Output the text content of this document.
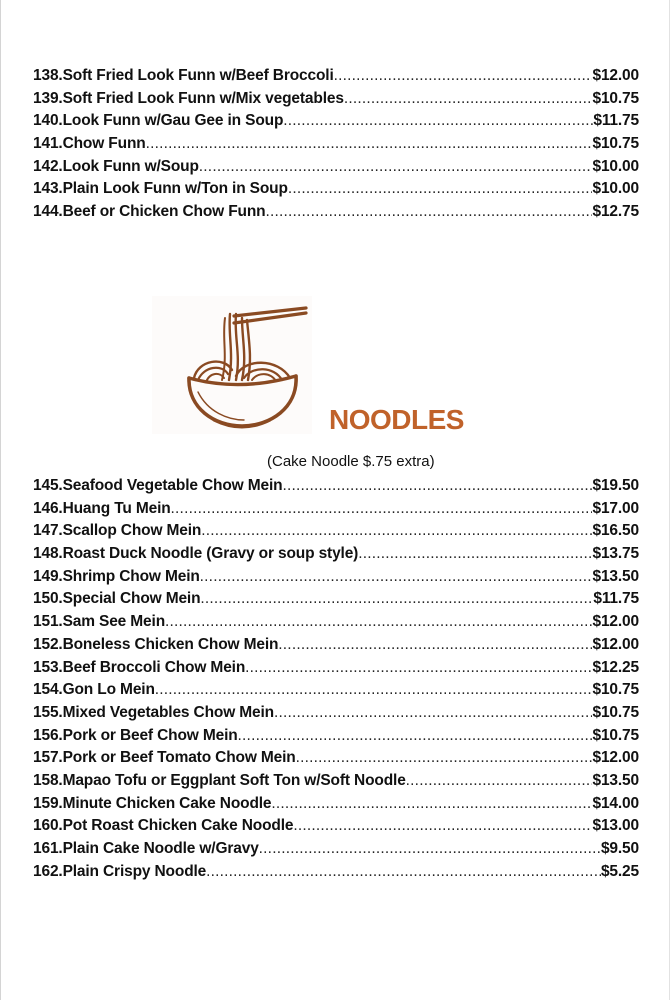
138.Soft Fried Look Funn w/Beef Broccoli .....	$12.00
139.Soft Fried Look Funn w/Mix vegetables .....	$10.75
140.Look Funn w/Gau Gee in Soup .....	$11.75
141.Chow Funn .....	$10.75
142.Look Funn w/Soup .....	$10.00
143.Plain Look Funn w/Ton in Soup .....	$10.00
144.Beef or Chicken Chow Funn .....	$12.75
NOODLES
(Cake Noodle $.75 extra)
145.Seafood Vegetable Chow Mein .....	$19.50
146.Huang Tu Mein .....	$17.00
147.Scallop Chow Mein .....	$16.50
148.Roast Duck Noodle (Gravy or soup style) .....	$13.75
149.Shrimp Chow Mein .....	$13.50
150.Special Chow Mein .....	$11.75
151.Sam See Mein .....	$12.00
152.Boneless Chicken Chow Mein .....	$12.00
153.Beef Broccoli Chow Mein .....	$12.25
154.Gon Lo Mein .....	$10.75
155.Mixed Vegetables Chow Mein .....	$10.75
156.Pork or Beef Chow Mein .....	$10.75
157.Pork or Beef Tomato Chow Mein .....	$12.00
158.Mapao Tofu or Eggplant Soft Ton w/Soft Noodle .....	$13.50
159.Minute Chicken Cake Noodle .....	$14.00
160.Pot Roast Chicken Cake Noodle .....	$13.00
161.Plain Cake Noodle w/Gravy .....	$9.50
162.Plain Crispy Noodle .....	$5.25
